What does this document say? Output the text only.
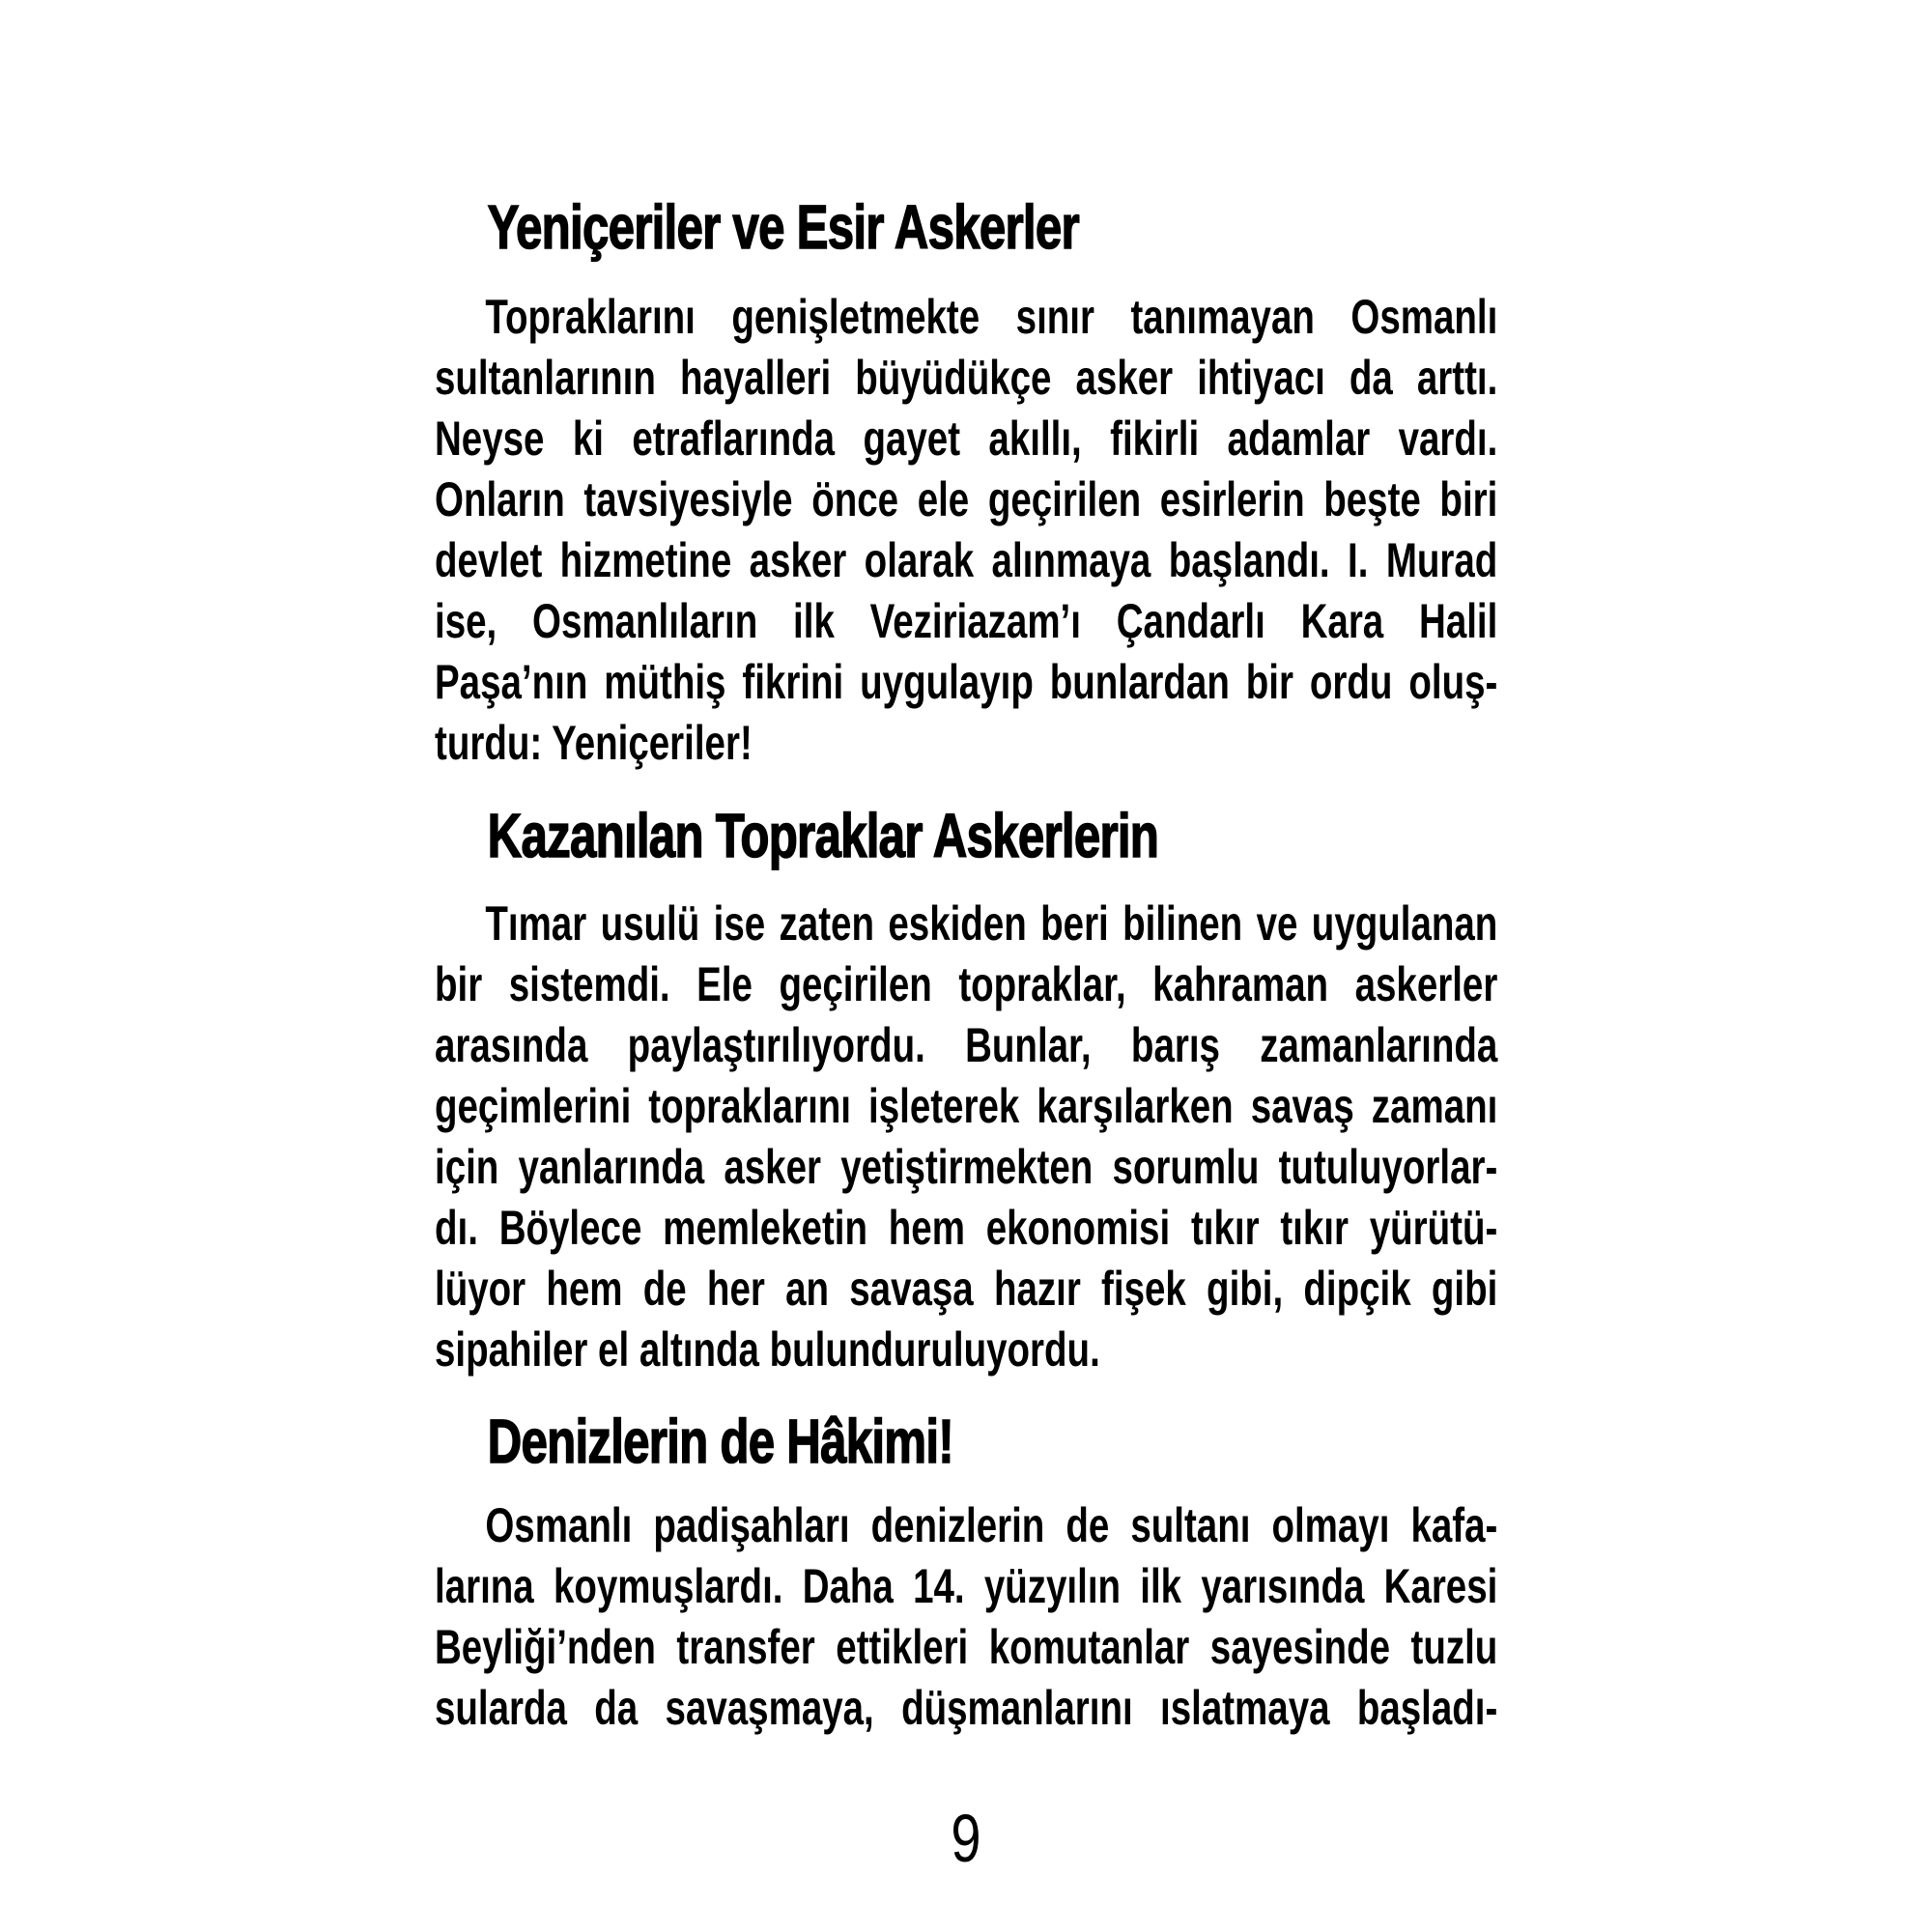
Yeniçeriler ve Esir Askerler
Topraklarını genişletmekte sınır tanımayan Osmanlı
sultanlarının hayalleri büyüdükçe asker ihtiyacı da arttı.
Neyse ki etraflarında gayet akıllı, fikirli adamlar vardı.
Onların tavsiyesiyle önce ele geçirilen esirlerin beşte biri
devlet hizmetine asker olarak alınmaya başlandı. I. Murad
ise, Osmanlıların ilk Veziriazam’ı Çandarlı Kara Halil
Paşa’nın müthiş fikrini uygulayıp bunlardan bir ordu oluş-
turdu: Yeniçeriler!
Kazanılan Topraklar Askerlerin
Tımar usulü ise zaten eskiden beri bilinen ve uygulanan
bir sistemdi. Ele geçirilen topraklar, kahraman askerler
arasında paylaştırılıyordu. Bunlar, barış zamanlarında
geçimlerini topraklarını işleterek karşılarken savaş zamanı
için yanlarında asker yetiştirmekten sorumlu tutuluyorlar-
dı. Böylece memleketin hem ekonomisi tıkır tıkır yürütü-
lüyor hem de her an savaşa hazır fişek gibi, dipçik gibi
sipahiler el altında bulunduruluyordu.
Denizlerin de Hâkimi!
Osmanlı padişahları denizlerin de sultanı olmayı kafa-
larına koymuşlardı. Daha 14. yüzyılın ilk yarısında Karesi
Beyliği’nden transfer ettikleri komutanlar sayesinde tuzlu
sularda da savaşmaya, düşmanlarını ıslatmaya başladı-
9
